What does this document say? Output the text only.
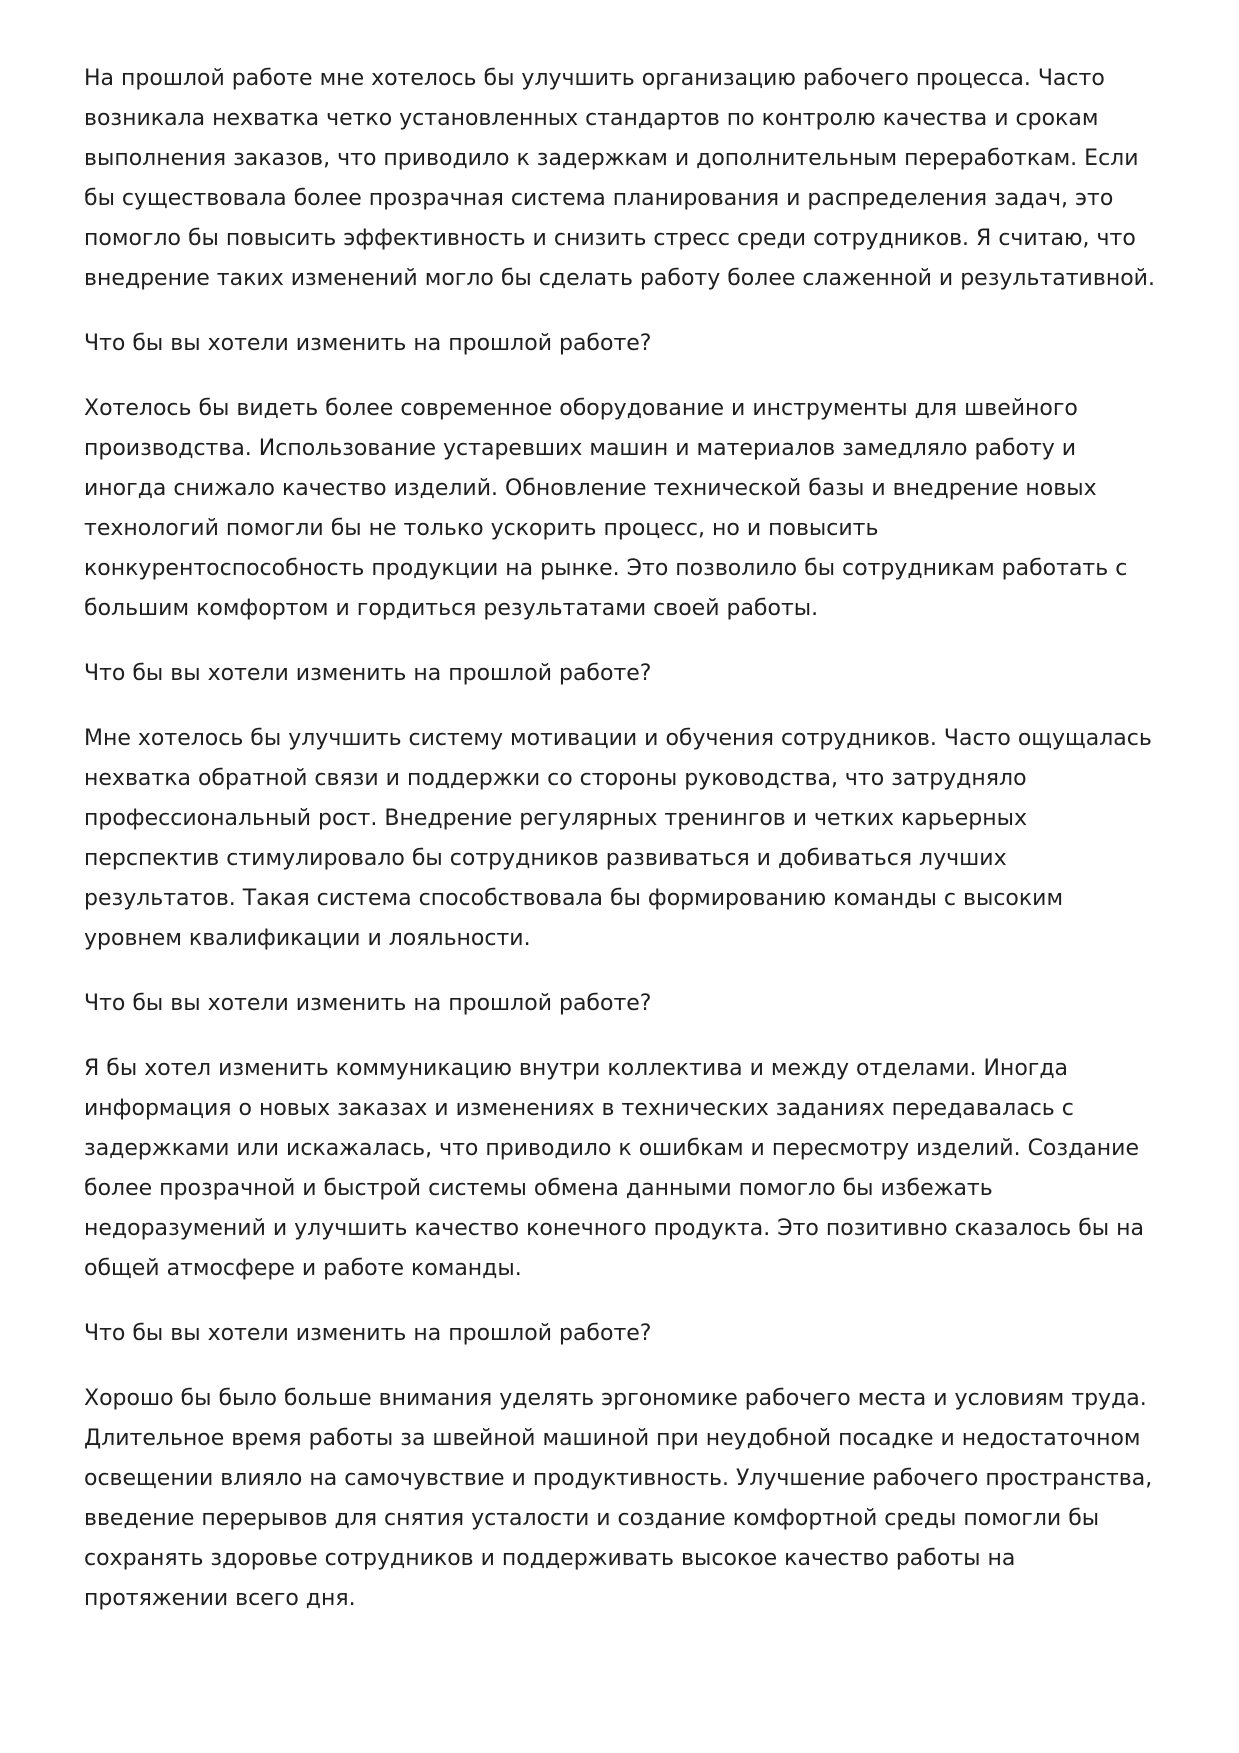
На прошлой работе мне хотелось бы улучшить организацию рабочего процесса. Часто возникала нехватка четко установленных стандартов по контролю качества и срокам выполнения заказов, что приводило к задержкам и дополнительным переработкам. Если бы существовала более прозрачная система планирования и распределения задач, это помогло бы повысить эффективность и снизить стресс среди сотрудников. Я считаю, что внедрение таких изменений могло бы сделать работу более слаженной и результативной.

Что бы вы хотели изменить на прошлой работе?

Хотелось бы видеть более современное оборудование и инструменты для швейного производства. Использование устаревших машин и материалов замедляло работу и иногда снижало качество изделий. Обновление технической базы и внедрение новых технологий помогли бы не только ускорить процесс, но и повысить конкурентоспособность продукции на рынке. Это позволило бы сотрудникам работать с большим комфортом и гордиться результатами своей работы.

Что бы вы хотели изменить на прошлой работе?

Мне хотелось бы улучшить систему мотивации и обучения сотрудников. Часто ощущалась нехватка обратной связи и поддержки со стороны руководства, что затрудняло профессиональный рост. Внедрение регулярных тренингов и четких карьерных перспектив стимулировало бы сотрудников развиваться и добиваться лучших результатов. Такая система способствовала бы формированию команды с высоким уровнем квалификации и лояльности.

Что бы вы хотели изменить на прошлой работе?

Я бы хотел изменить коммуникацию внутри коллектива и между отделами. Иногда информация о новых заказах и изменениях в технических заданиях передавалась с задержками или искажалась, что приводило к ошибкам и пересмотру изделий. Создание более прозрачной и быстрой системы обмена данными помогло бы избежать недоразумений и улучшить качество конечного продукта. Это позитивно сказалось бы на общей атмосфере и работе команды.

Что бы вы хотели изменить на прошлой работе?

Хорошо бы было больше внимания уделять эргономике рабочего места и условиям труда. Длительное время работы за швейной машиной при неудобной посадке и недостаточном освещении влияло на самочувствие и продуктивность. Улучшение рабочего пространства, введение перерывов для снятия усталости и создание комфортной среды помогли бы сохранять здоровье сотрудников и поддерживать высокое качество работы на протяжении всего дня.
